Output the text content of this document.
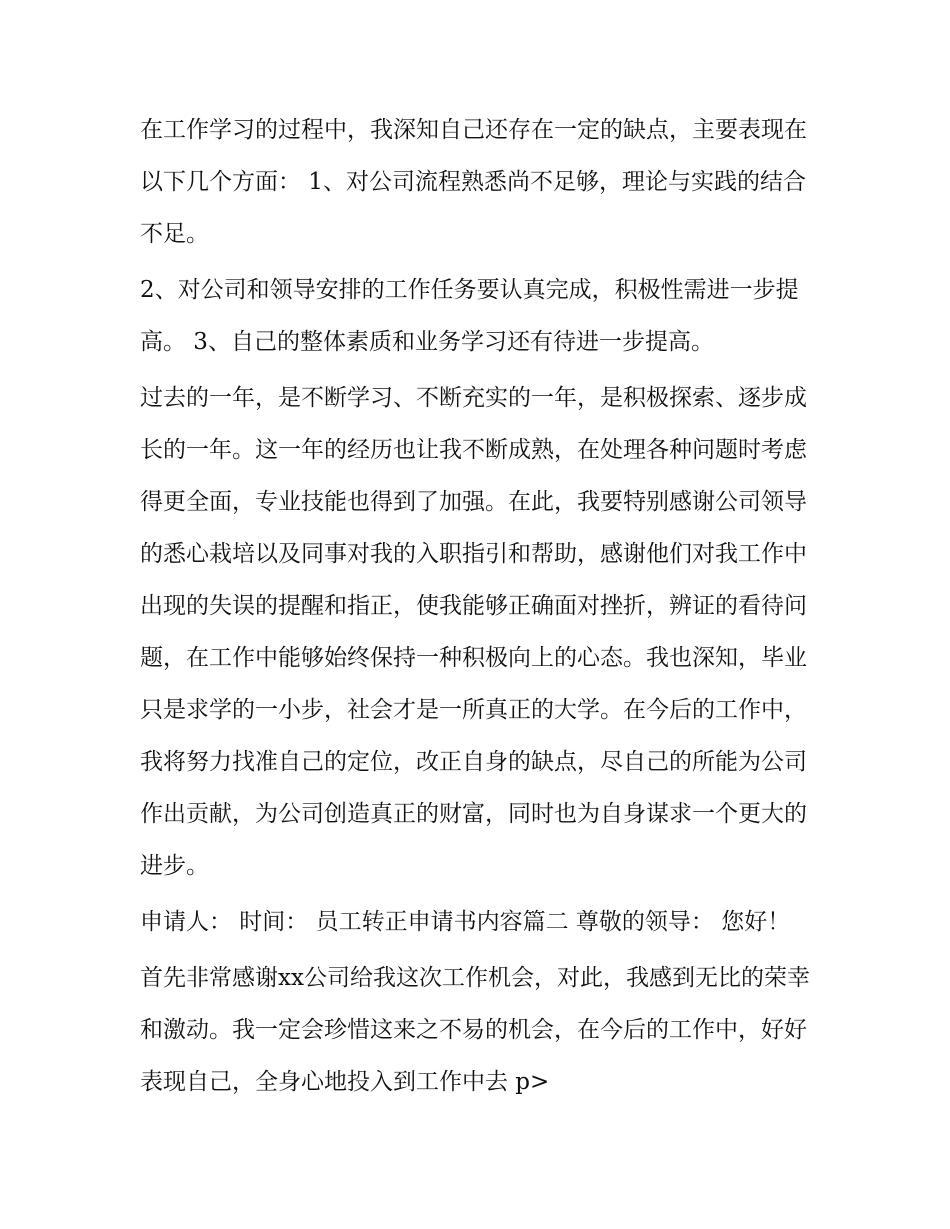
在工作学习的过程中，我深知自己还存在一定的缺点，主要表现在以下几个方面： 1、对公司流程熟悉尚不足够，理论与实践的结合不足。

2、对公司和领导安排的工作任务要认真完成，积极性需进一步提高。 3、自己的整体素质和业务学习还有待进一步提高。

过去的一年，是不断学习、不断充实的一年，是积极探索、逐步成长的一年。这一年的经历也让我不断成熟，在处理各种问题时考虑得更全面，专业技能也得到了加强。在此，我要特别感谢公司领导的悉心栽培以及同事对我的入职指引和帮助，感谢他们对我工作中出现的失误的提醒和指正，使我能够正确面对挫折，辨证的看待问题，在工作中能够始终保持一种积极向上的心态。我也深知，毕业只是求学的一小步，社会才是一所真正的大学。在今后的工作中，我将努力找准自己的定位，改正自身的缺点，尽自己的所能为公司作出贡献，为公司创造真正的财富，同时也为自身谋求一个更大的进步。

申请人： 时间： 员工转正申请书内容篇二 尊敬的领导： 您好！

首先非常感谢xx公司给我这次工作机会，对此，我感到无比的荣幸和激动。我一定会珍惜这来之不易的机会，在今后的工作中，好好表现自己，全身心地投入到工作中去 p>
